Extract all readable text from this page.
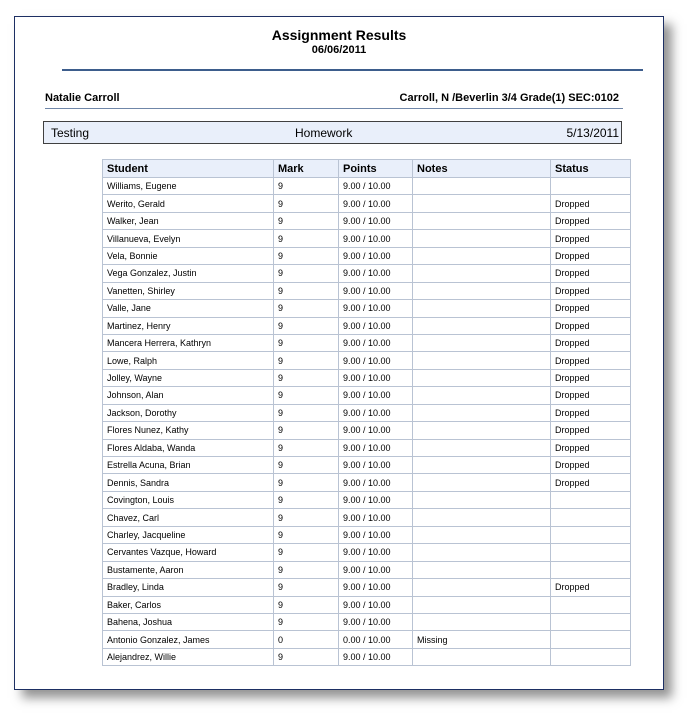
Assignment Results
06/06/2011
Natalie Carroll	Carroll, N /Beverlin 3/4 Grade(1) SEC:0102
Testing	Homework	5/13/2011
Student	Mark	Points	Notes	Status
Williams, Eugene	9	9.00 / 10.00		
Werito, Gerald	9	9.00 / 10.00		Dropped
Walker, Jean	9	9.00 / 10.00		Dropped
Villanueva, Evelyn	9	9.00 / 10.00		Dropped
Vela, Bonnie	9	9.00 / 10.00		Dropped
Vega Gonzalez, Justin	9	9.00 / 10.00		Dropped
Vanetten, Shirley	9	9.00 / 10.00		Dropped
Valle, Jane	9	9.00 / 10.00		Dropped
Martinez, Henry	9	9.00 / 10.00		Dropped
Mancera Herrera, Kathryn	9	9.00 / 10.00		Dropped
Lowe, Ralph	9	9.00 / 10.00		Dropped
Jolley, Wayne	9	9.00 / 10.00		Dropped
Johnson, Alan	9	9.00 / 10.00		Dropped
Jackson, Dorothy	9	9.00 / 10.00		Dropped
Flores Nunez, Kathy	9	9.00 / 10.00		Dropped
Flores Aldaba, Wanda	9	9.00 / 10.00		Dropped
Estrella Acuna, Brian	9	9.00 / 10.00		Dropped
Dennis, Sandra	9	9.00 / 10.00		Dropped
Covington, Louis	9	9.00 / 10.00		
Chavez, Carl	9	9.00 / 10.00		
Charley, Jacqueline	9	9.00 / 10.00		
Cervantes Vazque, Howard	9	9.00 / 10.00		
Bustamente, Aaron	9	9.00 / 10.00		
Bradley, Linda	9	9.00 / 10.00		Dropped
Baker, Carlos	9	9.00 / 10.00		
Bahena, Joshua	9	9.00 / 10.00		
Antonio Gonzalez, James	0	0.00 / 10.00	Missing	
Alejandrez, Willie	9	9.00 / 10.00		
